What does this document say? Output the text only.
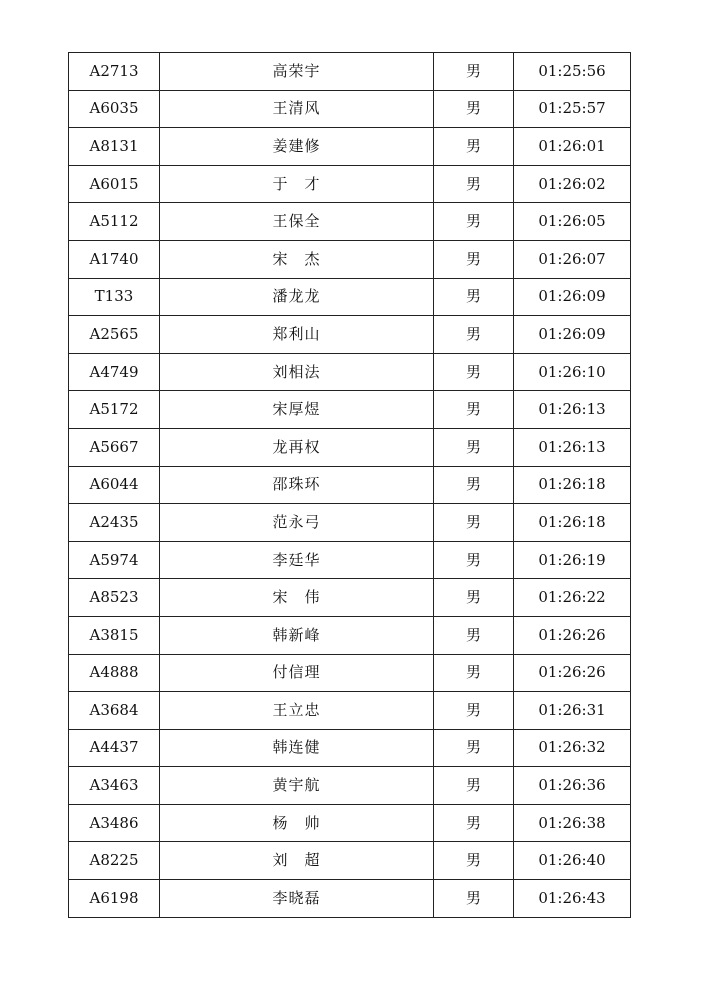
A2713	高荣宇	男	01:25:56
A6035	王清风	男	01:25:57
A8131	姜建修	男	01:26:01
A6015	于　才	男	01:26:02
A5112	王保全	男	01:26:05
A1740	宋　杰	男	01:26:07
T133	潘龙龙	男	01:26:09
A2565	郑利山	男	01:26:09
A4749	刘相法	男	01:26:10
A5172	宋厚煜	男	01:26:13
A5667	龙再权	男	01:26:13
A6044	邵珠环	男	01:26:18
A2435	范永弓	男	01:26:18
A5974	李廷华	男	01:26:19
A8523	宋　伟	男	01:26:22
A3815	韩新峰	男	01:26:26
A4888	付信理	男	01:26:26
A3684	王立忠	男	01:26:31
A4437	韩连健	男	01:26:32
A3463	黄宇航	男	01:26:36
A3486	杨　帅	男	01:26:38
A8225	刘　超	男	01:26:40
A6198	李晓磊	男	01:26:43
